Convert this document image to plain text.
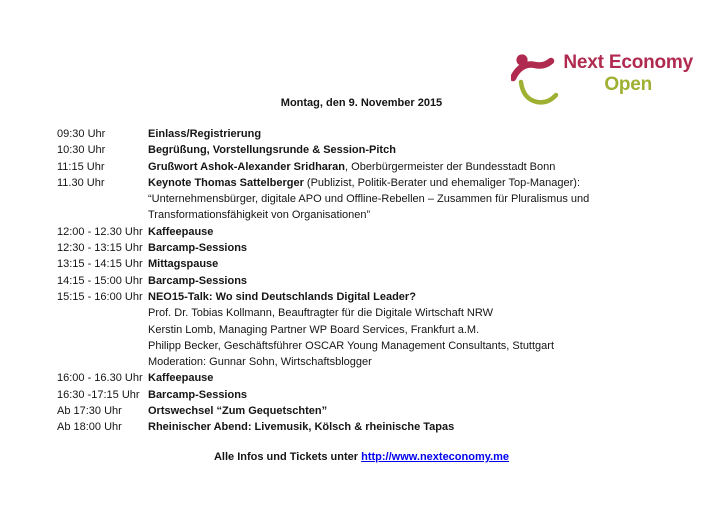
Next Economy
Open
Montag, den 9. November 2015
09:30 Uhr	Einlass/Registrierung
10:30 Uhr	Begrüßung, Vorstellungsrunde & Session-Pitch
11:15 Uhr	Grußwort Ashok-Alexander Sridharan, Oberbürgermeister der Bundesstadt Bonn
11.30 Uhr	Keynote Thomas Sattelberger (Publizist, Politik-Berater und ehemaliger Top-Manager): “Unternehmensbürger, digitale APO und Offline-Rebellen – Zusammen für Pluralismus und Transformationsfähigkeit von Organisationen”
12:00 - 12.30 Uhr Kaffeepause
12:30 - 13:15 Uhr Barcamp-Sessions
13:15 - 14:15 Uhr Mittagspause
14:15 - 15:00 Uhr Barcamp-Sessions
15:15 - 16:00 Uhr NEO15-Talk: Wo sind Deutschlands Digital Leader?
Prof. Dr. Tobias Kollmann, Beauftragter für die Digitale Wirtschaft NRW
Kerstin Lomb, Managing Partner WP Board Services, Frankfurt a.M.
Philipp Becker, Geschäftsführer OSCAR Young Management Consultants, Stuttgart
Moderation: Gunnar Sohn, Wirtschaftsblogger
16:00 - 16.30 Uhr Kaffeepause
16:30 -17:15 Uhr Barcamp-Sessions
Ab 17:30 Uhr	Ortswechsel “Zum Gequetschten”
Ab 18:00 Uhr	Rheinischer Abend: Livemusik, Kölsch & rheinische Tapas
Alle Infos und Tickets unter http://www.nexteconomy.me
